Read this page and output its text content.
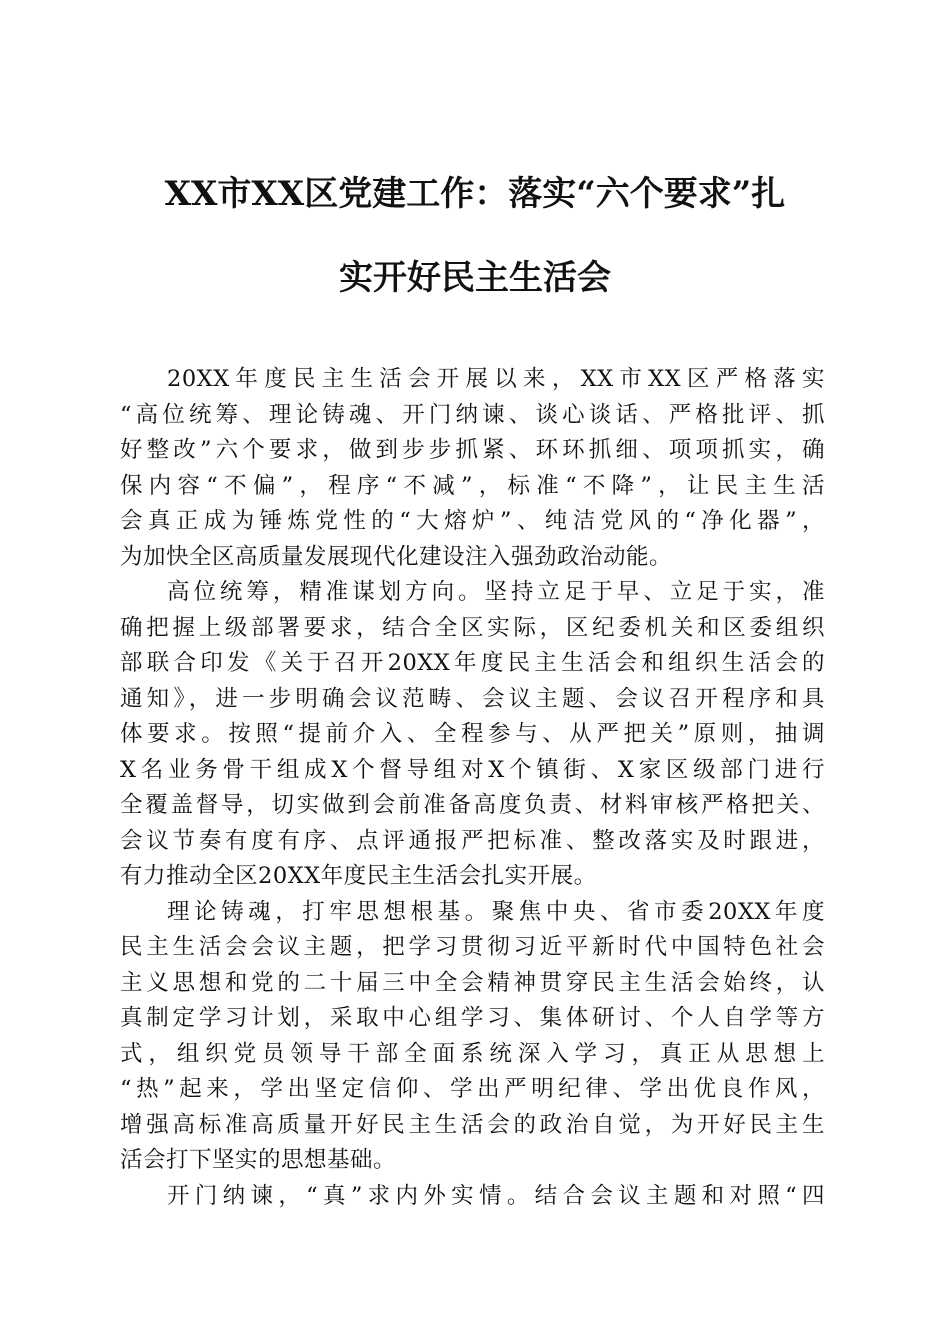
XX市XX区党建工作：落实“六个要求”扎
实开好民主生活会
20XX年度民主生活会开展以来，XX市XX区严格落实
“高位统筹、理论铸魂、开门纳谏、谈心谈话、严格批评、抓
好整改”六个要求，做到步步抓紧、环环抓细、项项抓实，确
保内容“不偏”，程序“不减”，标准“不降”，让民主生活
会真正成为锤炼党性的“大熔炉”、纯洁党风的“净化器”，
为加快全区高质量发展现代化建设注入强劲政治动能。
高位统筹，精准谋划方向。坚持立足于早、立足于实，准
确把握上级部署要求，结合全区实际，区纪委机关和区委组织
部联合印发《关于召开20XX年度民主生活会和组织生活会的
通知》，进一步明确会议范畴、会议主题、会议召开程序和具
体要求。按照“提前介入、全程参与、从严把关”原则，抽调
X名业务骨干组成X个督导组对X个镇街、X家区级部门进行
全覆盖督导，切实做到会前准备高度负责、材料审核严格把关、
会议节奏有度有序、点评通报严把标准、整改落实及时跟进，
有力推动全区20XX年度民主生活会扎实开展。
理论铸魂，打牢思想根基。聚焦中央、省市委20XX年度
民主生活会会议主题，把学习贯彻习近平新时代中国特色社会
主义思想和党的二十届三中全会精神贯穿民主生活会始终，认
真制定学习计划，采取中心组学习、集体研讨、个人自学等方
式，组织党员领导干部全面系统深入学习，真正从思想上
“热”起来，学出坚定信仰、学出严明纪律、学出优良作风，
增强高标准高质量开好民主生活会的政治自觉，为开好民主生
活会打下坚实的思想基础。
开门纳谏，“真”求内外实情。结合会议主题和对照“四
